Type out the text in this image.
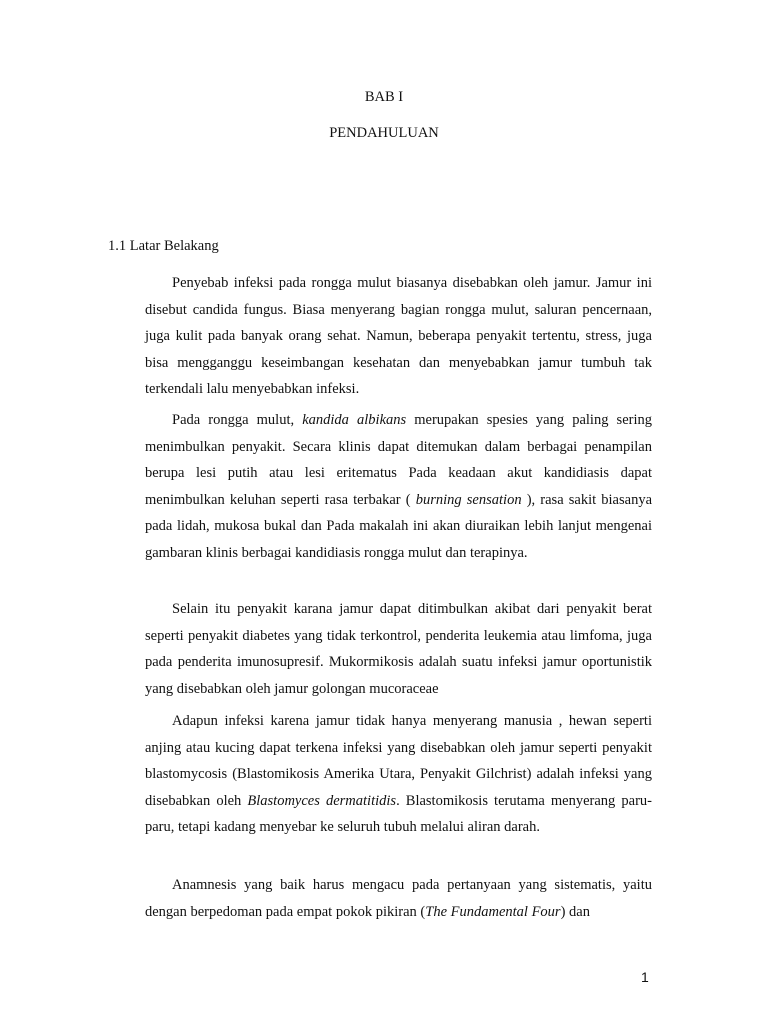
BAB I
PENDAHULUAN
1.1 Latar Belakang

Penyebab infeksi pada rongga mulut biasanya disebabkan oleh jamur. Jamur ini disebut candida fungus. Biasa menyerang bagian rongga mulut, saluran pencernaan, juga kulit pada banyak orang sehat. Namun, beberapa penyakit tertentu, stress, juga bisa mengganggu keseimbangan kesehatan dan menyebabkan jamur tumbuh tak terkendali lalu menyebabkan infeksi.

Pada rongga mulut, kandida albikans merupakan spesies yang paling sering menimbulkan penyakit. Secara klinis dapat ditemukan dalam berbagai penampilan berupa lesi putih atau lesi eritematus Pada keadaan akut kandidiasis dapat menimbulkan keluhan seperti rasa terbakar ( burning sensation ), rasa sakit biasanya pada lidah, mukosa bukal dan Pada makalah ini akan diuraikan lebih lanjut mengenai gambaran klinis berbagai kandidiasis rongga mulut dan terapinya.

Selain itu penyakit karana jamur dapat ditimbulkan akibat dari penyakit berat seperti penyakit diabetes yang tidak terkontrol, penderita leukemia atau limfoma, juga pada penderita imunosupresif. Mukormikosis adalah suatu infeksi jamur oportunistik yang disebabkan oleh jamur golongan mucoraceae

Adapun infeksi karena jamur tidak hanya menyerang manusia , hewan seperti anjing atau kucing dapat terkena infeksi yang disebabkan oleh jamur seperti penyakit blastomycosis (Blastomikosis Amerika Utara, Penyakit Gilchrist) adalah infeksi yang disebabkan oleh Blastomyces dermatitidis. Blastomikosis terutama menyerang paru-paru, tetapi kadang menyebar ke seluruh tubuh melalui aliran darah.

Anamnesis yang baik harus mengacu pada pertanyaan yang sistematis, yaitu dengan berpedoman pada empat pokok pikiran (The Fundamental Four) dan

1
